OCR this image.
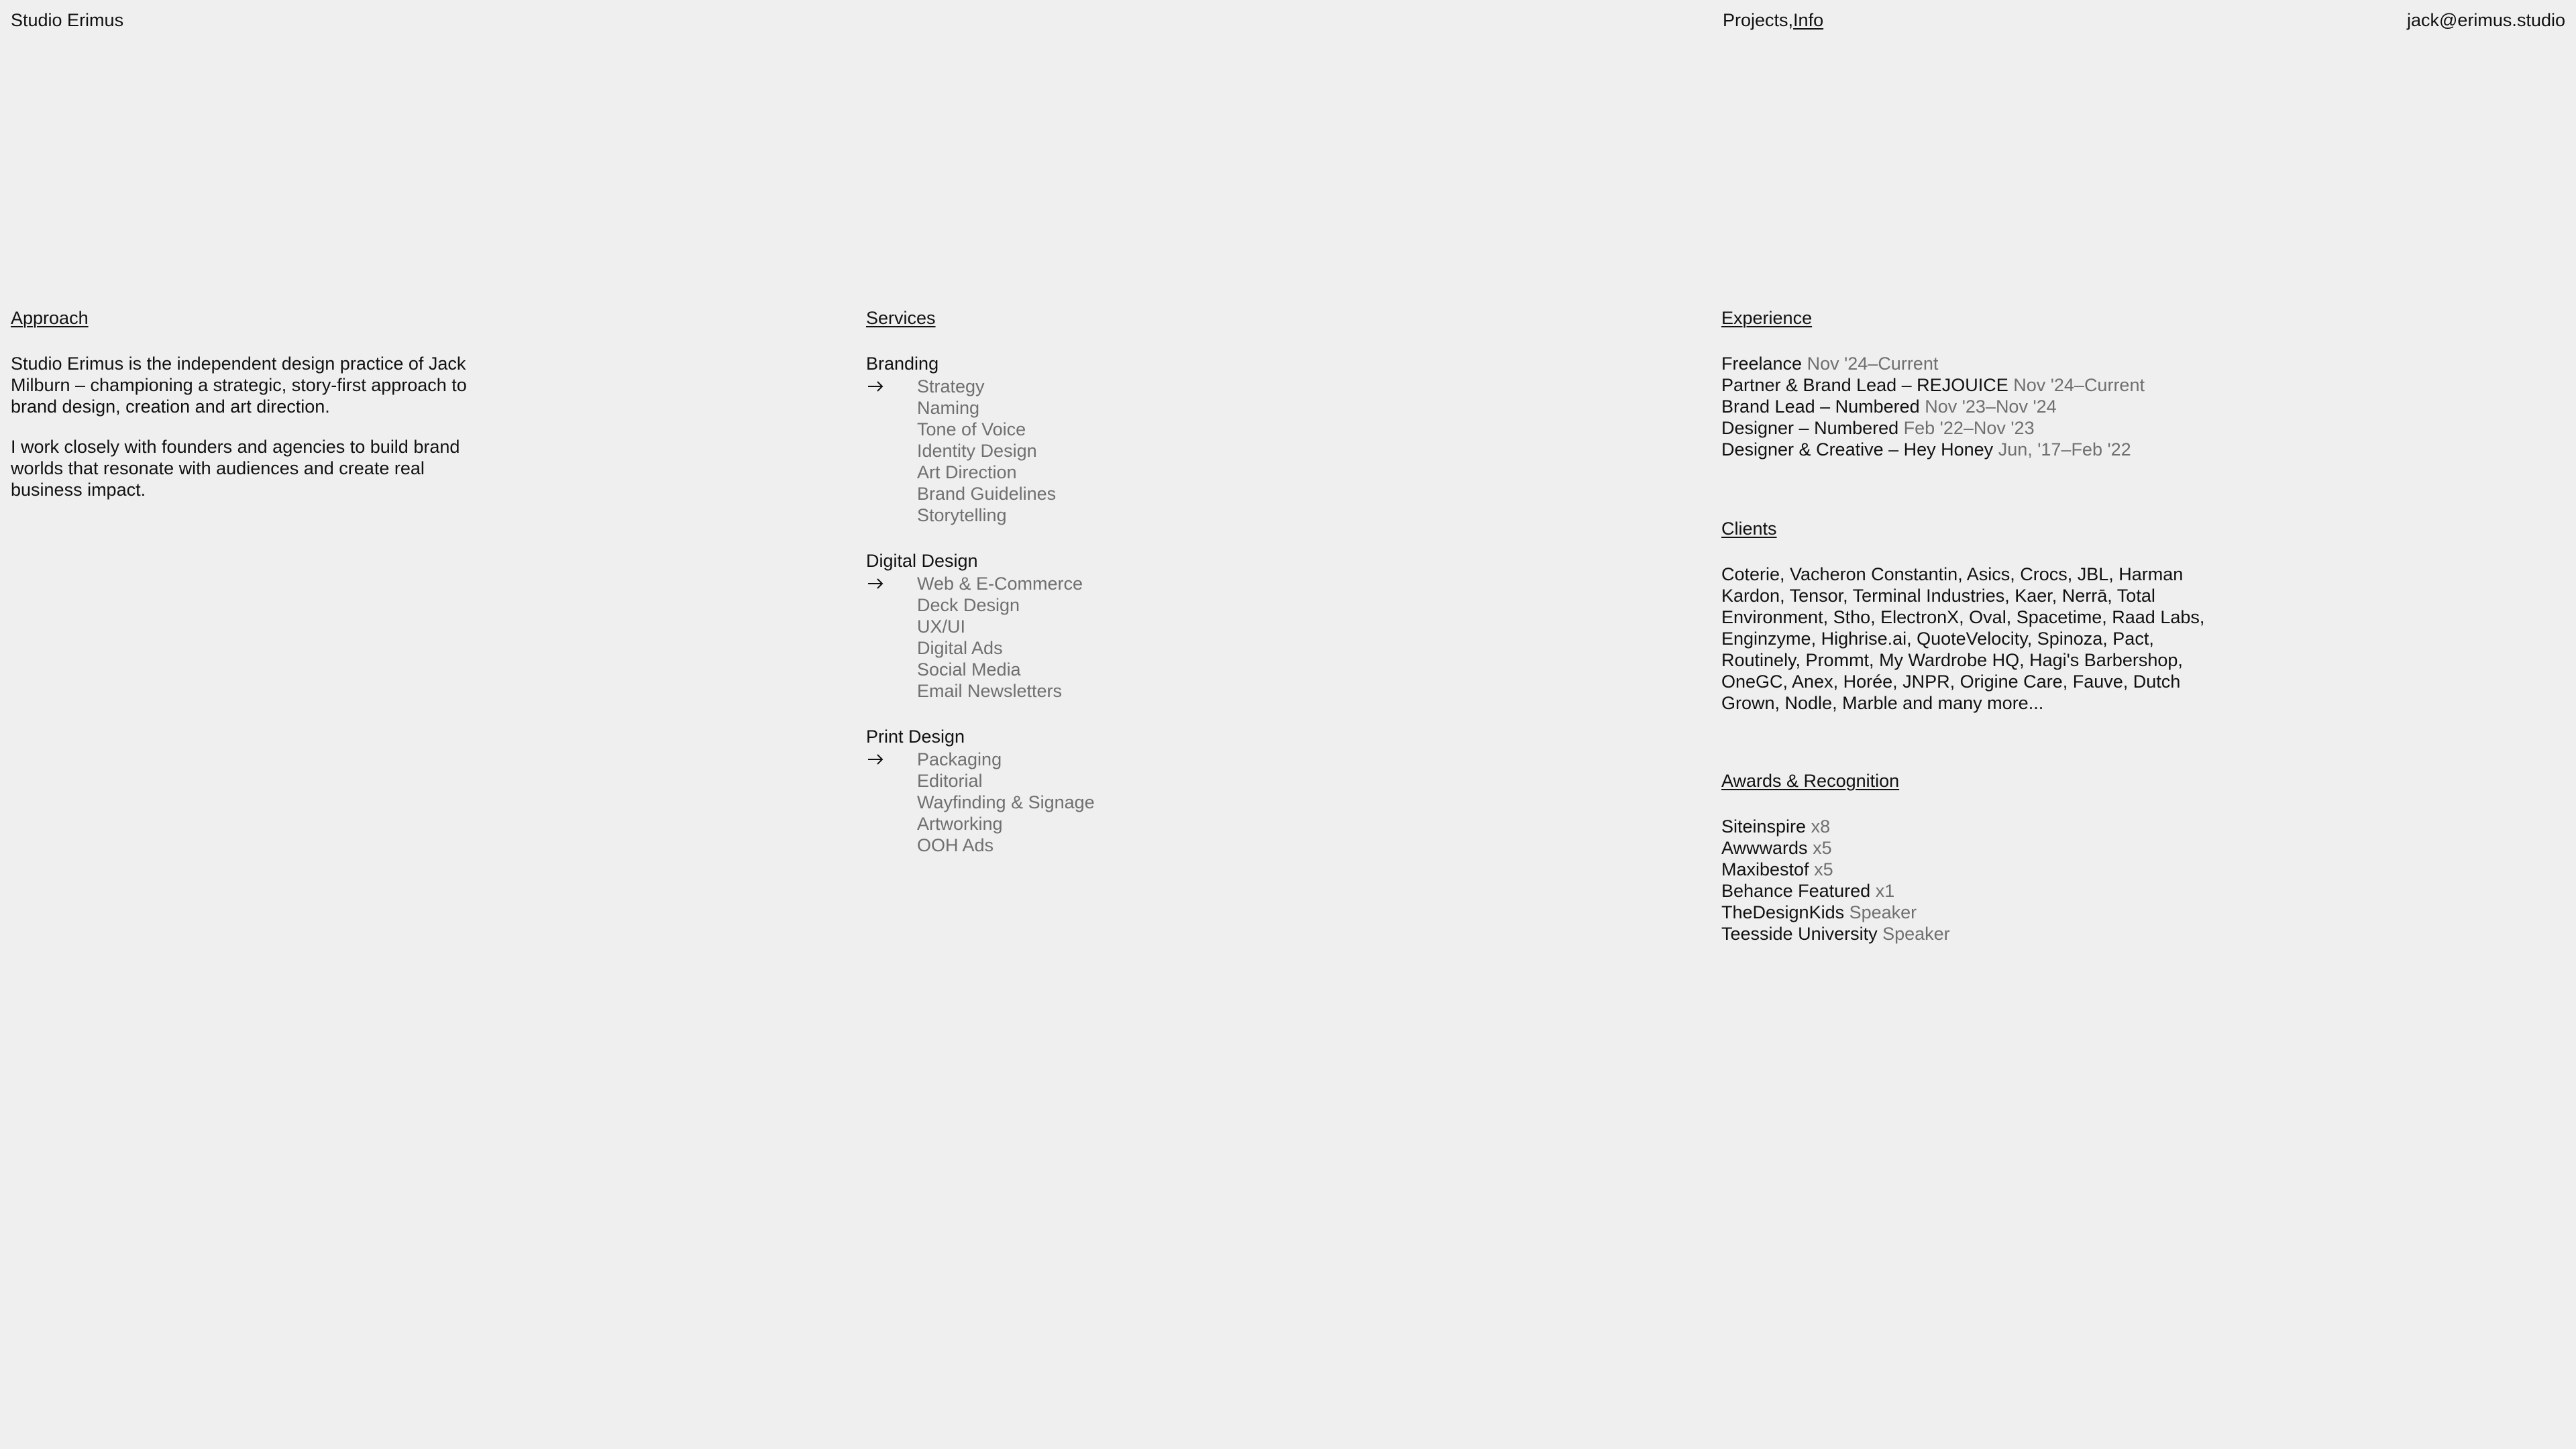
Studio Erimus	Projects,Info	jack@erimus.studio
Approach

Studio Erimus is the independent design practice of Jack Milburn – championing a strategic, story-first approach to brand design, creation and art direction.

I work closely with founders and agencies to build brand worlds that resonate with audiences and create real business impact.

Services
Branding
Strategy
Naming
Tone of Voice
Identity Design
Art Direction
Brand Guidelines
Storytelling
Digital Design
Web & E-Commerce
Deck Design
UX/UI
Digital Ads
Social Media
Email Newsletters
Print Design
Packaging
Editorial
Wayfinding & Signage
Artworking
OOH Ads
Experience
Freelance Nov '24–Current
Partner & Brand Lead – REJOUICE Nov '24–Current
Brand Lead – Numbered Nov '23–Nov '24
Designer – Numbered Feb '22–Nov '23
Designer & Creative – Hey Honey Jun, '17–Feb '22
Clients

Coterie, Vacheron Constantin, Asics, Crocs, JBL, Harman Kardon, Tensor, Terminal Industries, Kaer, Nerrā, Total Environment, Stho, ElectronX, Oval, Spacetime, Raad Labs, Enginzyme, Highrise.ai, QuoteVelocity, Spinoza, Pact, Routinely, Prommt, My Wardrobe HQ, Hagi's Barbershop, OneGC, Anex, Horée, JNPR, Origine Care, Fauve, Dutch Grown, Nodle, Marble and many more...

Awards & Recognition
Siteinspire x8
Awwwards x5
Maxibestof x5
Behance Featured x1
TheDesignKids Speaker
Teesside University Speaker
